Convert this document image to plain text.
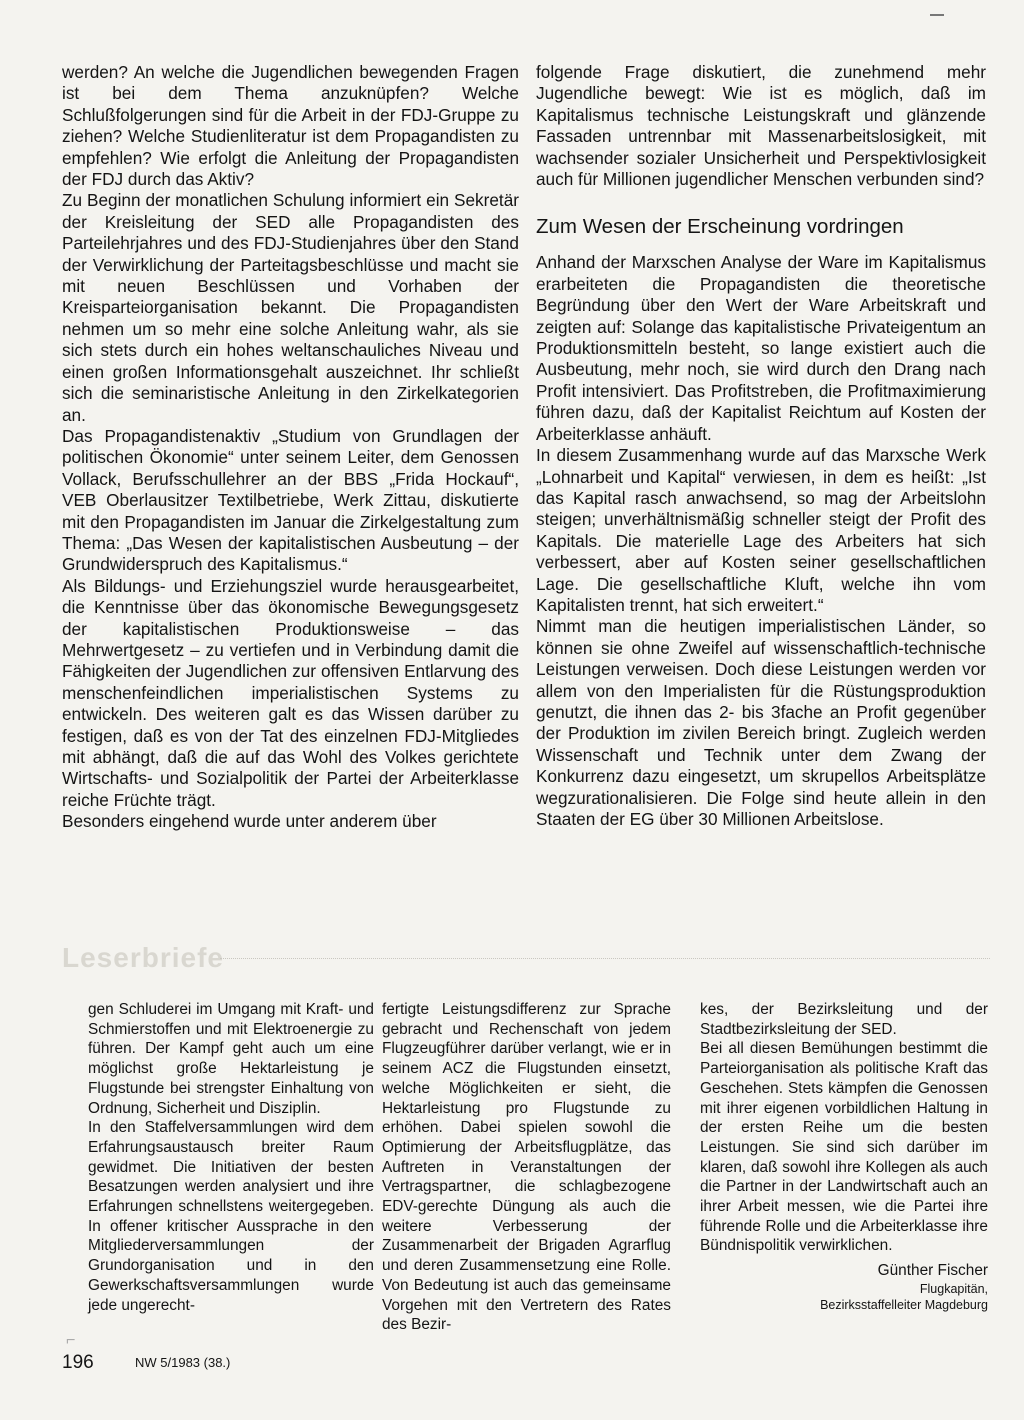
werden? An welche die Jugendlichen bewegenden Fragen ist bei dem Thema anzuknüpfen? Welche Schlußfolgerungen sind für die Arbeit in der FDJ-Gruppe zu ziehen? Welche Studienliteratur ist dem Propagandisten zu empfehlen? Wie erfolgt die Anleitung der Propagandisten der FDJ durch das Aktiv?

Zu Beginn der monatlichen Schulung informiert ein Sekretär der Kreisleitung der SED alle Propagandisten des Parteilehrjahres und des FDJ-Studienjahres über den Stand der Verwirklichung der Parteitagsbeschlüsse und macht sie mit neuen Beschlüssen und Vorhaben der Kreisparteiorganisation bekannt. Die Propagandisten nehmen um so mehr eine solche Anleitung wahr, als sie sich stets durch ein hohes weltanschauliches Niveau und einen großen Informationsgehalt auszeichnet. Ihr schließt sich die seminaristische Anleitung in den Zirkelkategorien an.

Das Propagandistenaktiv „Studium von Grundlagen der politischen Ökonomie“ unter seinem Leiter, dem Genossen Vollack, Berufsschullehrer an der BBS „Frida Hockauf“, VEB Oberlausitzer Textilbetriebe, Werk Zittau, diskutierte mit den Propagandisten im Januar die Zirkelgestaltung zum Thema: „Das Wesen der kapitalistischen Ausbeutung – der Grundwiderspruch des Kapitalismus.“

Als Bildungs- und Erziehungsziel wurde herausgearbeitet, die Kenntnisse über das ökonomische Bewegungsgesetz der kapitalistischen Produktionsweise – das Mehrwertgesetz – zu vertiefen und in Verbindung damit die Fähigkeiten der Jugendlichen zur offensiven Entlarvung des menschenfeindlichen imperialistischen Systems zu entwickeln. Des weiteren galt es das Wissen darüber zu festigen, daß es von der Tat des einzelnen FDJ-Mitgliedes mit abhängt, daß die auf das Wohl des Volkes gerichtete Wirtschafts- und Sozialpolitik der Partei der Arbeiterklasse reiche Früchte trägt.

Besonders eingehend wurde unter anderem über

folgende Frage diskutiert, die zunehmend mehr Jugendliche bewegt: Wie ist es möglich, daß im Kapitalismus technische Leistungskraft und glänzende Fassaden untrennbar mit Massenarbeitslosigkeit, mit wachsender sozialer Unsicherheit und Perspektivlosigkeit auch für Millionen jugendlicher Menschen verbunden sind?

Zum Wesen der Erscheinung vordringen

Anhand der Marxschen Analyse der Ware im Kapitalismus erarbeiteten die Propagandisten die theoretische Begründung über den Wert der Ware Arbeitskraft und zeigten auf: Solange das kapitalistische Privateigentum an Produktionsmitteln besteht, so lange existiert auch die Ausbeutung, mehr noch, sie wird durch den Drang nach Profit intensiviert. Das Profitstreben, die Profitmaximierung führen dazu, daß der Kapitalist Reichtum auf Kosten der Arbeiterklasse anhäuft.

In diesem Zusammenhang wurde auf das Marxsche Werk „Lohnarbeit und Kapital“ verwiesen, in dem es heißt: „Ist das Kapital rasch anwachsend, so mag der Arbeitslohn steigen; unverhältnismäßig schneller steigt der Profit des Kapitals. Die materielle Lage des Arbeiters hat sich verbessert, aber auf Kosten seiner gesellschaftlichen Lage. Die gesellschaftliche Kluft, welche ihn vom Kapitalisten trennt, hat sich erweitert.“

Nimmt man die heutigen imperialistischen Länder, so können sie ohne Zweifel auf wissenschaftlich-technische Leistungen verweisen. Doch diese Leistungen werden vor allem von den Imperialisten für die Rüstungsproduktion genutzt, die ihnen das 2- bis 3fache an Profit gegenüber der Produktion im zivilen Bereich bringt. Zugleich werden Wissenschaft und Technik unter dem Zwang der Konkurrenz dazu eingesetzt, um skrupellos Arbeitsplätze wegzurationalisieren. Die Folge sind heute allein in den Staaten der EG über 30 Millionen Arbeitslose.

Leserbriefe

gen Schluderei im Umgang mit Kraft- und Schmierstoffen und mit Elektroenergie zu führen. Der Kampf geht auch um eine möglichst große Hektarleistung je Flugstunde bei strengster Einhaltung von Ordnung, Sicherheit und Disziplin.

In den Staffelversammlungen wird dem Erfahrungsaustausch breiter Raum gewidmet. Die Initiativen der besten Besatzungen werden analysiert und ihre Erfahrungen schnellstens weitergegeben. In offener kritischer Aussprache in den Mitgliederversammlungen der Grundorganisation und in den Gewerkschaftsversammlungen wurde jede ungerecht-

fertigte Leistungsdifferenz zur Sprache gebracht und Rechenschaft von jedem Flugzeugführer darüber verlangt, wie er in seinem ACZ die Flugstunden einsetzt, welche Möglichkeiten er sieht, die Hektarleistung pro Flugstunde zu erhöhen. Dabei spielen sowohl die Optimierung der Arbeitsflugplätze, das Auftreten in Veranstaltungen der Vertragspartner, die schlagbezogene EDV-gerechte Düngung als auch die weitere Verbesserung der Zusammenarbeit der Brigaden Agrarflug und deren Zusammensetzung eine Rolle. Von Bedeutung ist auch das gemeinsame Vorgehen mit den Vertretern des Rates des Bezir-

kes, der Bezirksleitung und der Stadtbezirksleitung der SED.

Bei all diesen Bemühungen bestimmt die Parteiorganisation als politische Kraft das Geschehen. Stets kämpfen die Genossen mit ihrer eigenen vorbildlichen Haltung in der ersten Reihe um die besten Leistungen. Sie sind sich darüber im klaren, daß sowohl ihre Kollegen als auch die Partner in der Landwirtschaft auch an ihrer Arbeit messen, wie die Partei ihre führende Rolle und die Arbeiterklasse ihre Bündnispolitik verwirklichen.

Günther Fischer
Flugkapitän,
Bezirksstaffelleiter Magdeburg
⌐
196	NW 5/1983 (38.)
